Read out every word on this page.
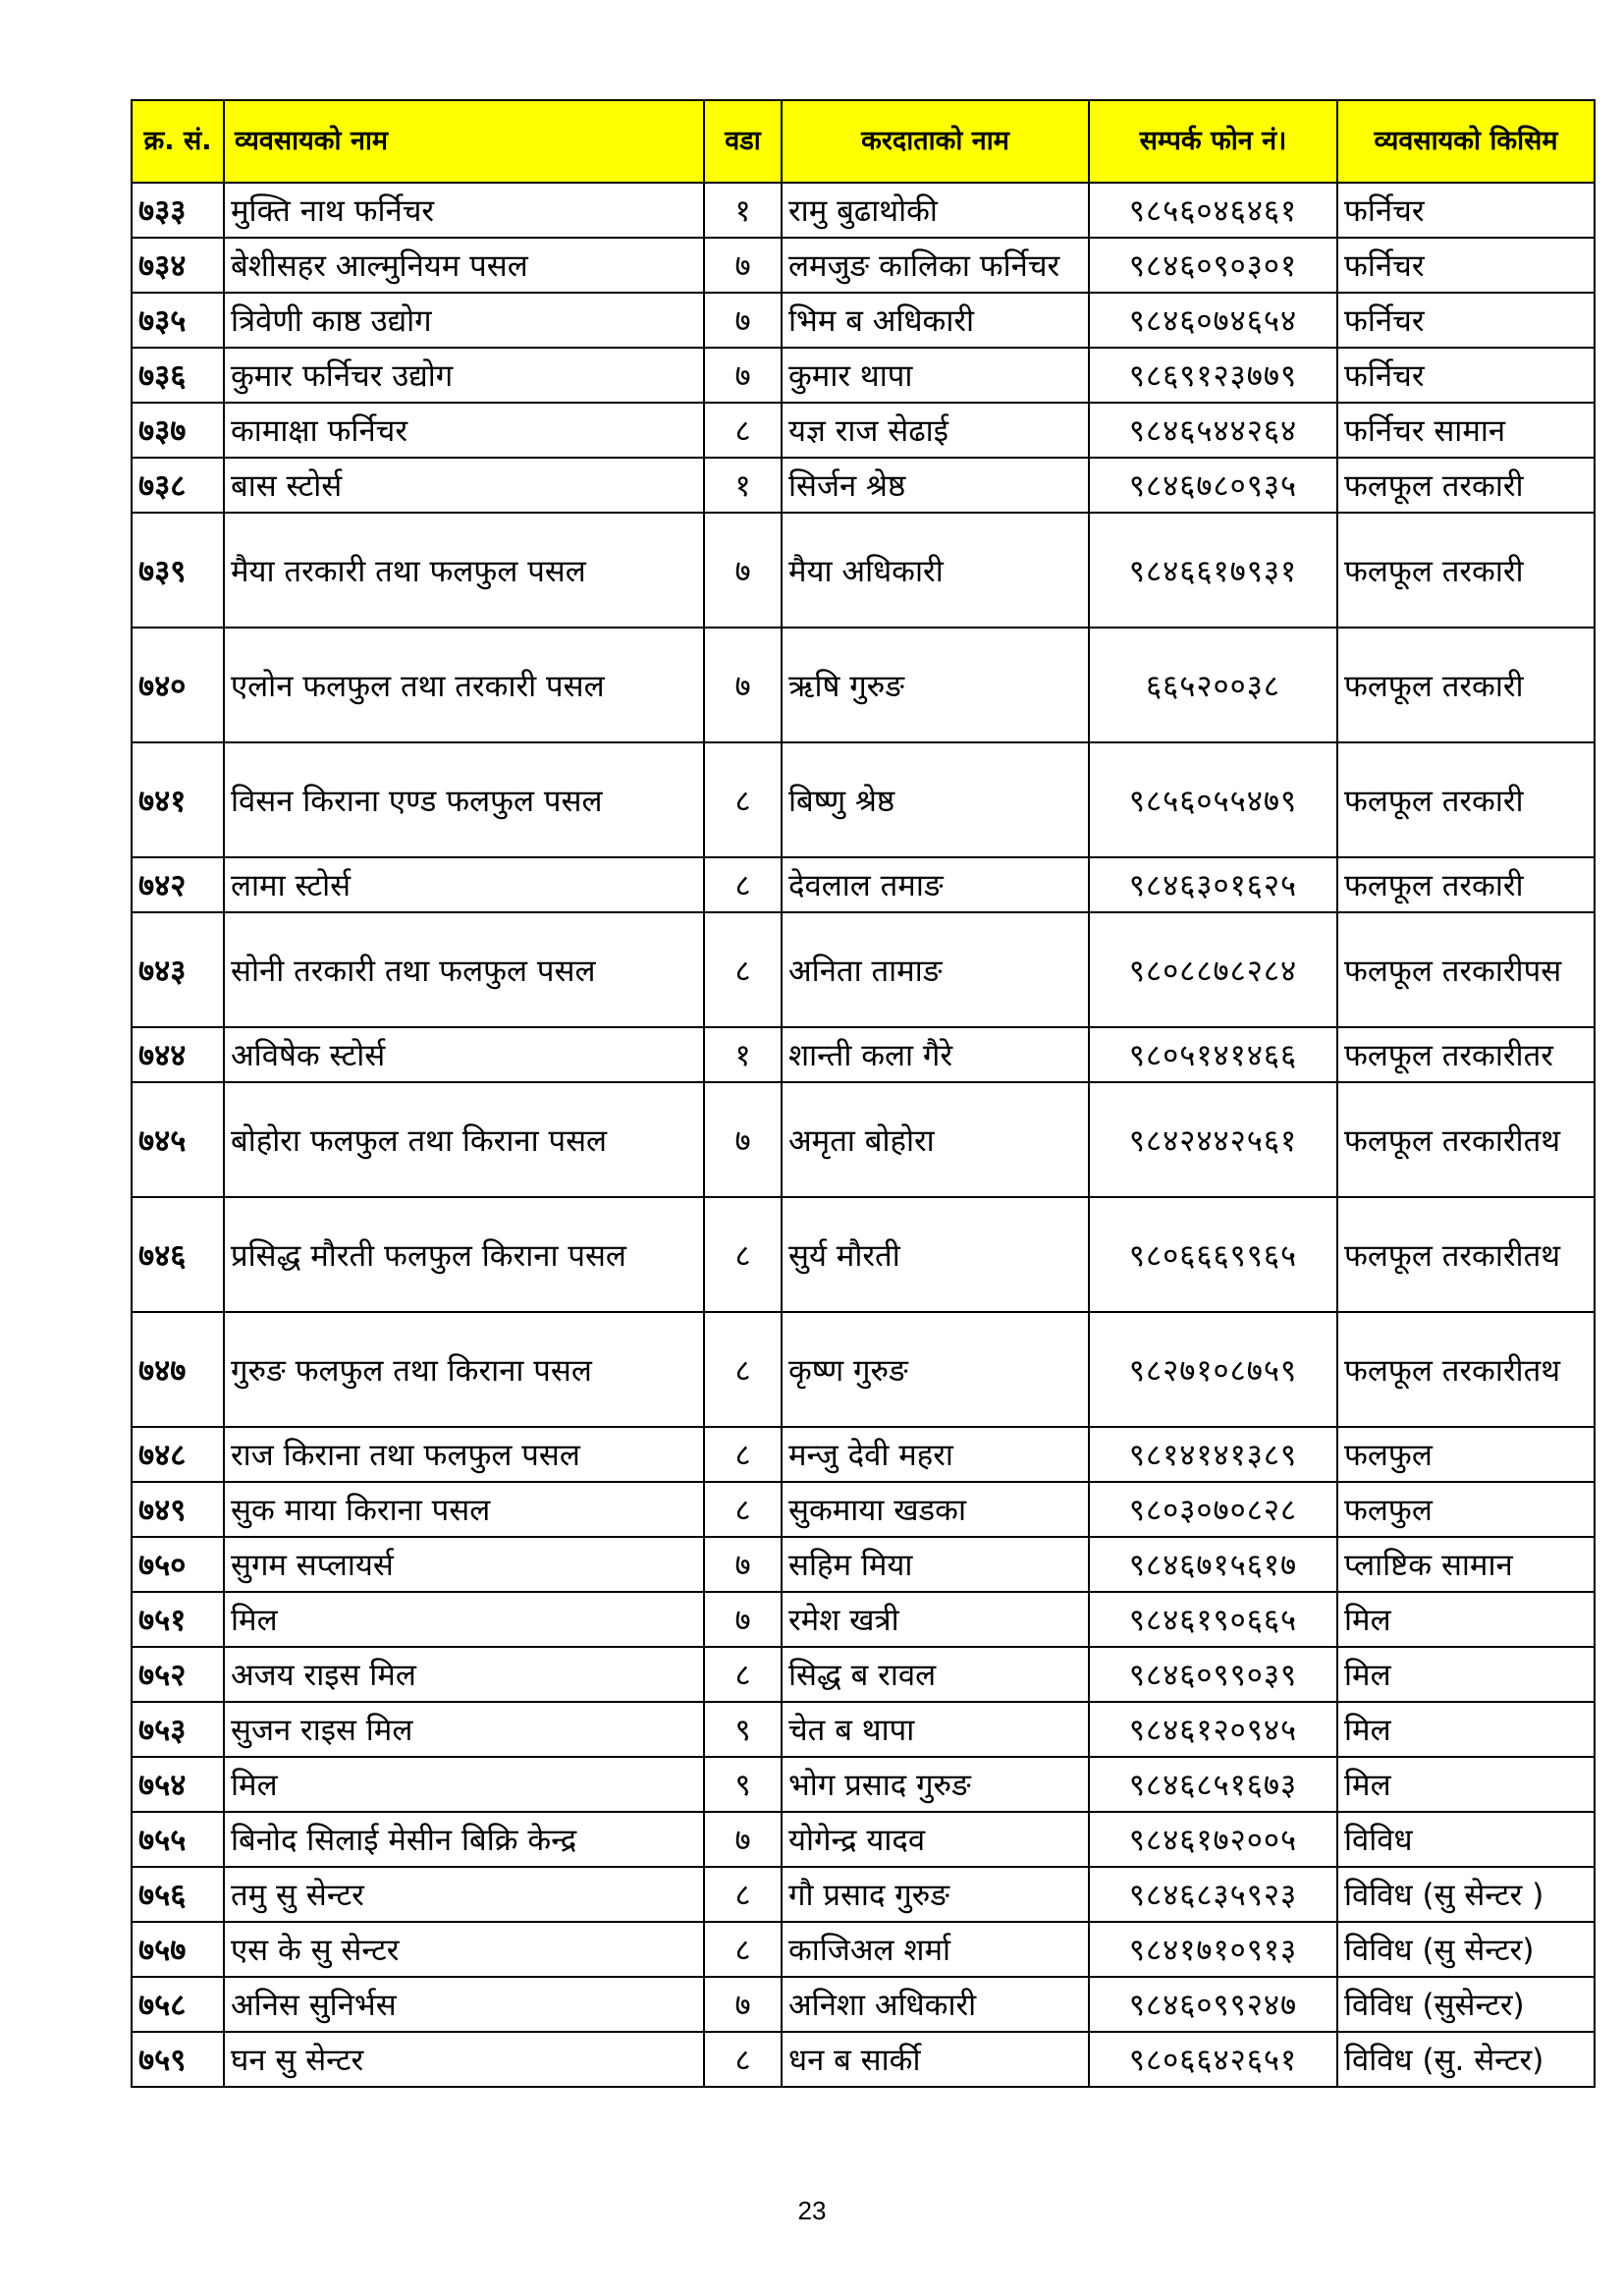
क्र. सं.	व्यवसायको नाम	वडा	करदाताको नाम	सम्पर्क फोन नं।	व्यवसायको किसिम
७३३	मुक्ति नाथ फर्निचर	१	रामु बुढाथोकी	९८५६०४६४६१	फर्निचर
७३४	बेशीसहर आल्मुनियम पसल	७	लमजुङ कालिका फर्निचर	९८४६०९०३०१	फर्निचर
७३५	त्रिवेणी काष्ठ उद्योग	७	भिम ब अधिकारी	९८४६०७४६५४	फर्निचर
७३६	कुमार फर्निचर उद्योग	७	कुमार थापा	९८६९१२३७७९	फर्निचर
७३७	कामाक्षा फर्निचर	८	यज्ञ राज सेढाई	९८४६५४४२६४	फर्निचर सामान
७३८	बास स्टोर्स	१	सिर्जन श्रेष्ठ	९८४६७८०९३५	फलफूल तरकारी
७३९	मैया तरकारी तथा फलफुल पसल	७	मैया अधिकारी	९८४६६१७९३१	फलफूल तरकारी
७४०	एलोन फलफुल तथा तरकारी पसल	७	ऋषि गुरुङ	६६५२००३८	फलफूल तरकारी
७४१	विसन किराना एण्ड फलफुल पसल	८	बिष्णु श्रेष्ठ	९८५६०५५४७९	फलफूल तरकारी
७४२	लामा स्टोर्स	८	देवलाल तमाङ	९८४६३०१६२५	फलफूल तरकारी
७४३	सोनी तरकारी तथा फलफुल पसल	८	अनिता तामाङ	९८०८८७८२८४	फलफूल तरकारीपस
७४४	अविषेक स्टोर्स	१	शान्ती कला गैरे	९८०५१४१४६६	फलफूल तरकारीतर
७४५	बोहोरा फलफुल तथा किराना पसल	७	अमृता बोहोरा	९८४२४४२५६१	फलफूल तरकारीतथ
७४६	प्रसिद्ध मौरती फलफुल किराना पसल	८	सुर्य मौरती	९८०६६६९९६५	फलफूल तरकारीतथ
७४७	गुरुङ फलफुल तथा किराना पसल	८	कृष्ण गुरुङ	९८२७१०८७५९	फलफूल तरकारीतथ
७४८	राज किराना तथा फलफुल पसल	८	मन्जु देवी महरा	९८१४१४१३८९	फलफुल
७४९	सुक माया किराना पसल	८	सुकमाया खडका	९८०३०७०८२८	फलफुल
७५०	सुगम सप्लायर्स	७	सहिम मिया	९८४६७१५६१७	प्लाष्टिक सामान
७५१	मिल	७	रमेश खत्री	९८४६१९०६६५	मिल
७५२	अजय राइस मिल	८	सिद्ध ब रावल	९८४६०९९०३९	मिल
७५३	सुजन राइस मिल	९	चेत ब थापा	९८४६१२०९४५	मिल
७५४	मिल	९	भोग प्रसाद गुरुङ	९८४६८५१६७३	मिल
७५५	बिनोद सिलाई मेसीन बिक्रि केन्द्र	७	योगेन्द्र यादव	९८४६१७२००५	विविध
७५६	तमु सु सेन्टर	८	गौ प्रसाद गुरुङ	९८४६८३५९२३	विविध (सु सेन्टर )
७५७	एस के सु सेन्टर	८	काजिअल शर्मा	९८४१७१०९१३	विविध (सु सेन्टर)
७५८	अनिस सुनिर्भस	७	अनिशा अधिकारी	९८४६०९९२४७	विविध (सुसेन्टर)
७५९	घन सु सेन्टर	८	धन ब सार्की	९८०६६४२६५१	विविध (सु. सेन्टर)
23
